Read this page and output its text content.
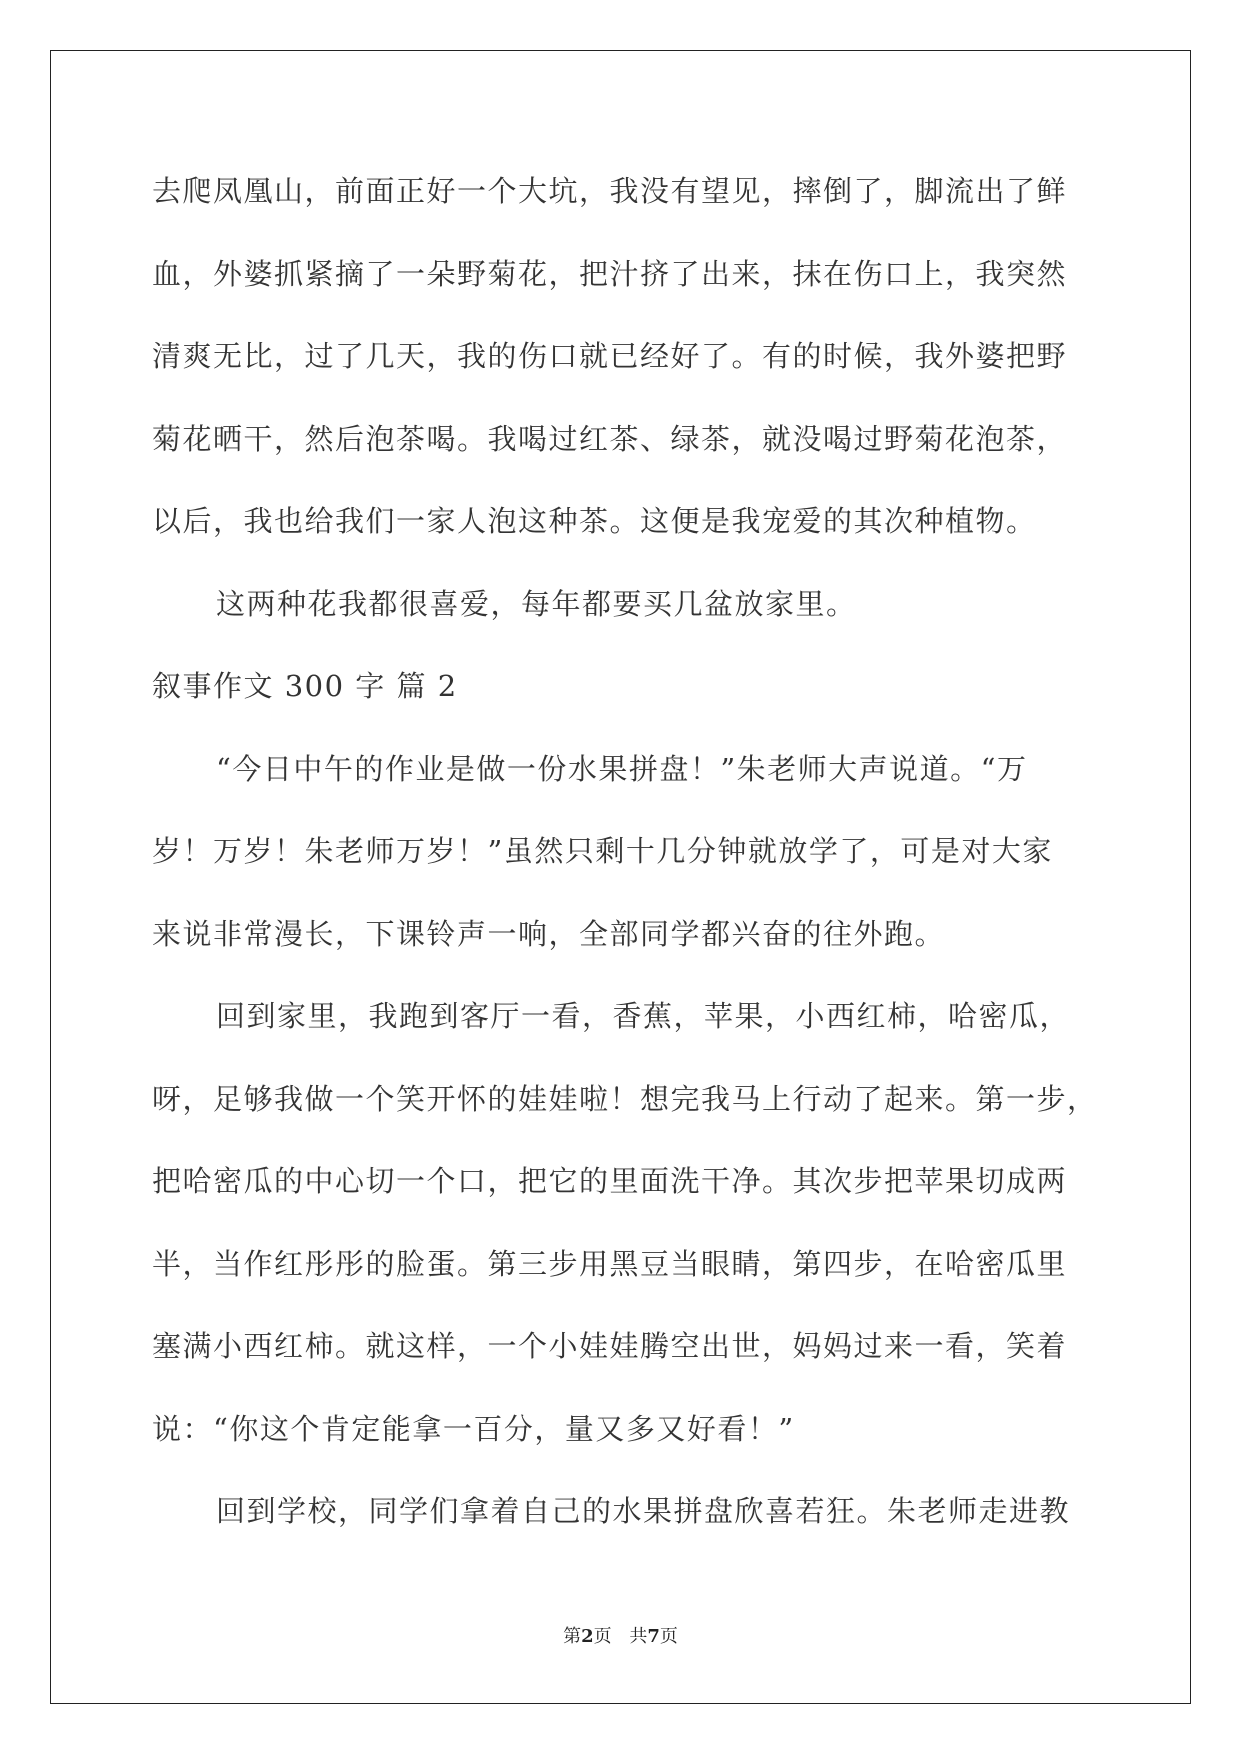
去爬凤凰山，前面正好一个大坑，我没有望见，摔倒了，脚流出了鲜
血，外婆抓紧摘了一朵野菊花，把汁挤了出来，抹在伤口上，我突然
清爽无比，过了几天，我的伤口就已经好了。有的时候，我外婆把野
菊花晒干，然后泡茶喝。我喝过红茶、绿茶，就没喝过野菊花泡茶，
以后，我也给我们一家人泡这种茶。这便是我宠爱的其次种植物。
这两种花我都很喜爱，每年都要买几盆放家里。
叙事作文 300 字 篇 2
“今日中午的作业是做一份水果拼盘！”朱老师大声说道。“万
岁！万岁！朱老师万岁！”虽然只剩十几分钟就放学了，可是对大家
来说非常漫长，下课铃声一响，全部同学都兴奋的往外跑。
回到家里，我跑到客厅一看，香蕉，苹果，小西红柿，哈密瓜，
呀，足够我做一个笑开怀的娃娃啦！想完我马上行动了起来。第一步，
把哈密瓜的中心切一个口，把它的里面洗干净。其次步把苹果切成两
半，当作红彤彤的脸蛋。第三步用黑豆当眼睛，第四步，在哈密瓜里
塞满小西红柿。就这样，一个小娃娃腾空出世，妈妈过来一看，笑着
说：“你这个肯定能拿一百分，量又多又好看！”
回到学校，同学们拿着自己的水果拼盘欣喜若狂。朱老师走进教
第2页 共7页
